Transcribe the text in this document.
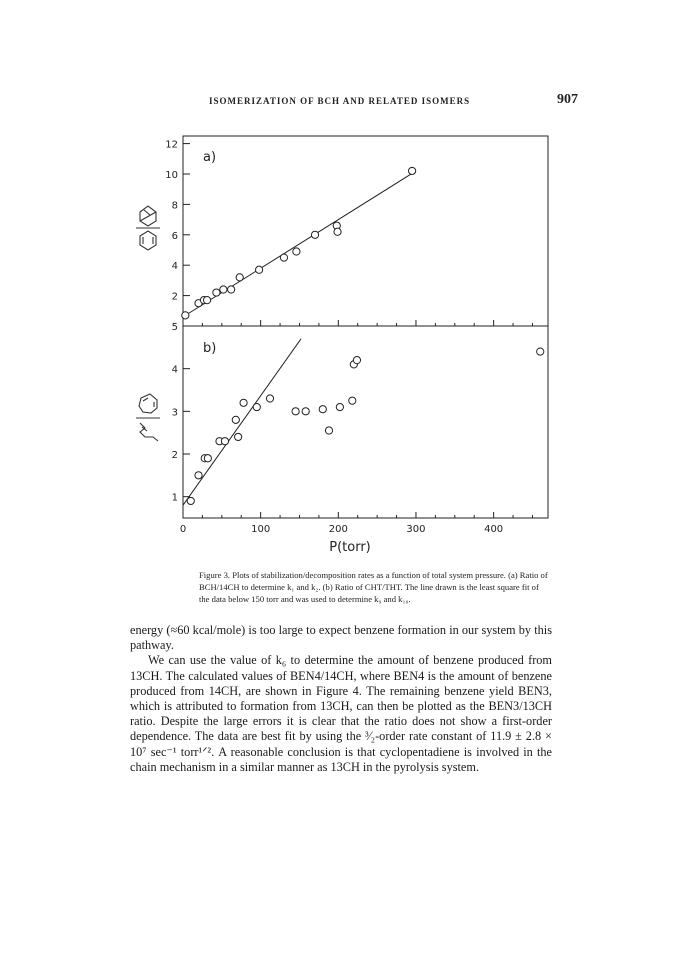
ISOMERIZATION OF BCH AND RELATED ISOMERS	907
a)
b)
P(torr)
2
4
6
8
10
12
1
2
3
4
5
0	100	200	300	400
Figure 3. Plots of stabilization/decomposition rates as a function of total system pressure. (a) Ratio of BCH/14CH to determine k₁ and k₂. (b) Ratio of CHT/THT. The line drawn is the least square fit of the data below 150 torr and was used to determine k₉ and k₁₀.

energy (≈60 kcal/mole) is too large to expect benzene formation in our system by this pathway.

We can use the value of k₆ to determine the amount of benzene produced from 13CH. The calculated values of BEN4/14CH, where BEN4 is the amount of benzene produced from 14CH, are shown in Figure 4. The remaining benzene yield BEN3, which is attributed to formation from 13CH, can then be plotted as the BEN3/13CH ratio. Despite the large errors it is clear that the ratio does not show a first-order dependence. The data are best fit by using the ³⁄₂-order rate constant of 11.9 ± 2.8 × 10⁷ sec⁻¹ torr¹ᐟ². A reasonable conclusion is that cyclopentadiene is involved in the chain mechanism in a similar manner as 13CH in the pyrolysis system.
